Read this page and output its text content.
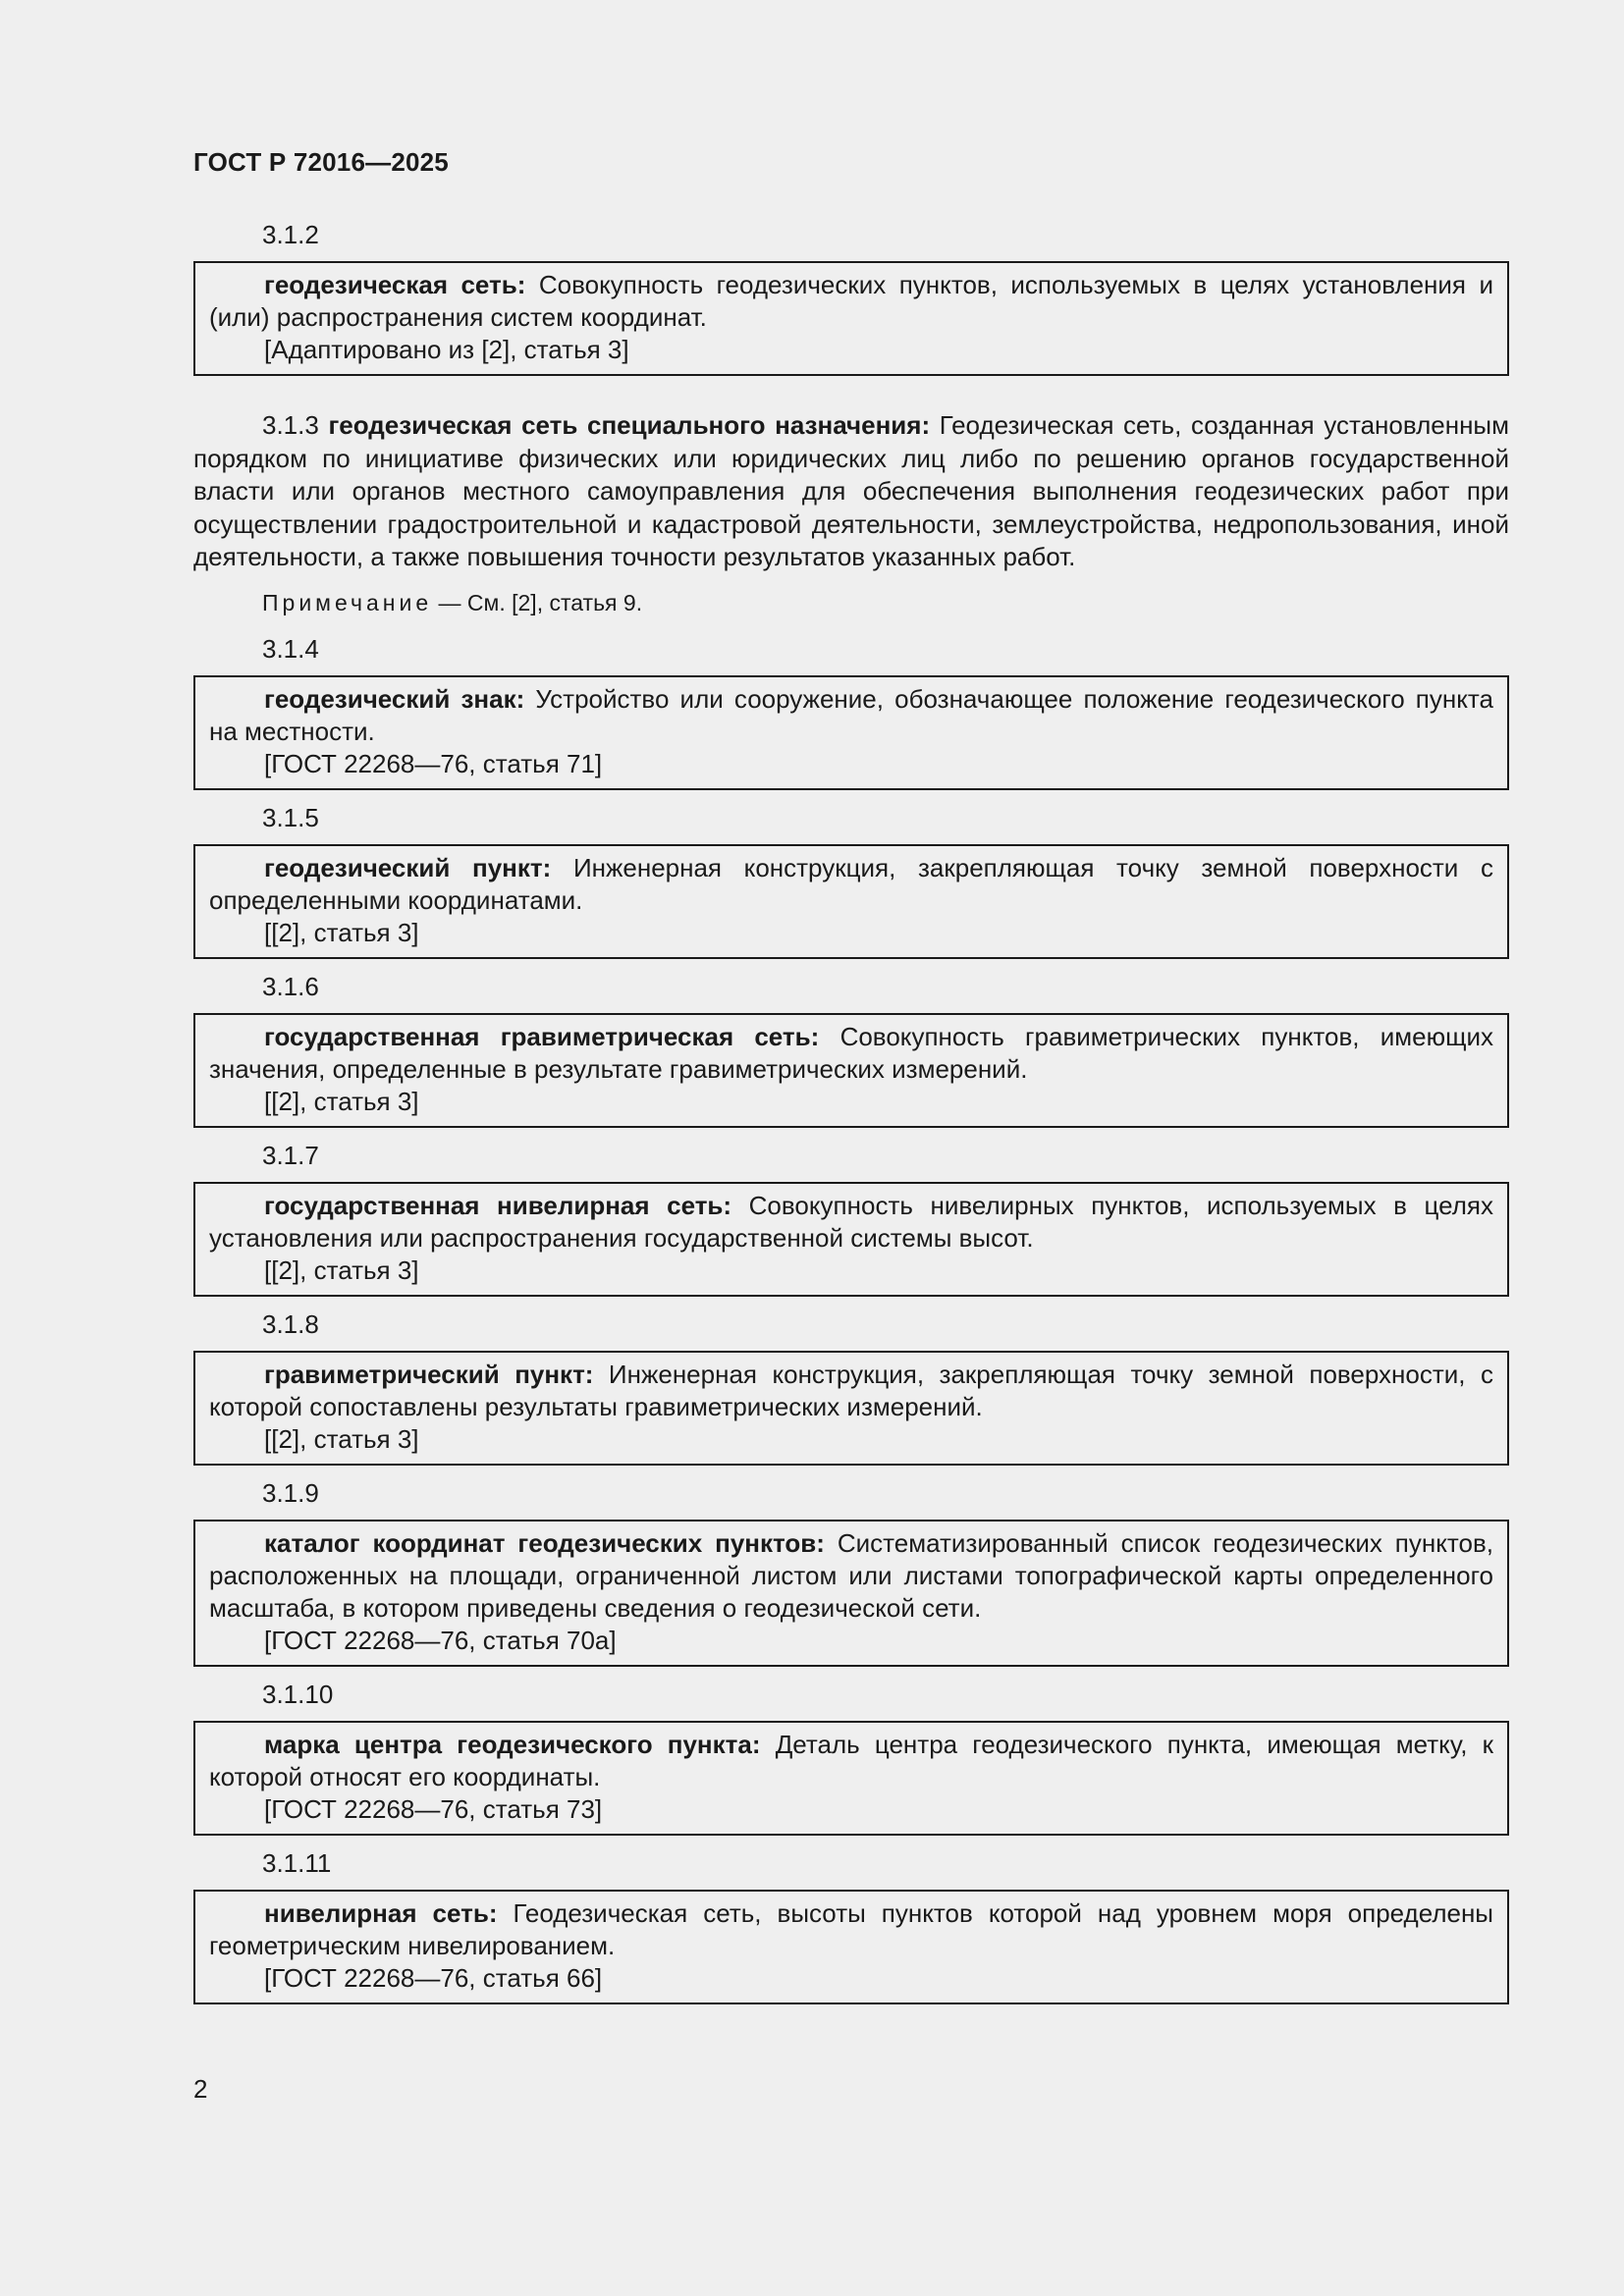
ГОСТ Р 72016—2025
3.1.2

геодезическая сеть: Совокупность геодезических пунктов, используемых в целях установления и (или) распространения систем координат.

[Адаптировано из [2], статья 3]

3.1.3 геодезическая сеть специального назначения: Геодезическая сеть, созданная установленным порядком по инициативе физических или юридических лиц либо по решению органов государственной власти или органов местного самоуправления для обеспечения выполнения геодезических работ при осуществлении градостроительной и кадастровой деятельности, землеустройства, недропользования, иной деятельности, а также повышения точности результатов указанных работ.

Примечание — См. [2], статья 9.
3.1.4

геодезический знак: Устройство или сооружение, обозначающее положение геодезического пункта на местности.

[ГОСТ 22268—76, статья 71]

3.1.5

геодезический пункт: Инженерная конструкция, закрепляющая точку земной поверхности с определенными координатами.

[[2], статья 3]

3.1.6

государственная гравиметрическая сеть: Совокупность гравиметрических пунктов, имеющих значения, определенные в результате гравиметрических измерений.

[[2], статья 3]

3.1.7

государственная нивелирная сеть: Совокупность нивелирных пунктов, используемых в целях установления или распространения государственной системы высот.

[[2], статья 3]

3.1.8

гравиметрический пункт: Инженерная конструкция, закрепляющая точку земной поверхности, с которой сопоставлены результаты гравиметрических измерений.

[[2], статья 3]

3.1.9

каталог координат геодезических пунктов: Систематизированный список геодезических пунктов, расположенных на площади, ограниченной листом или листами топографической карты определенного масштаба, в котором приведены сведения о геодезической сети.

[ГОСТ 22268—76, статья 70а]

3.1.10

марка центра геодезического пункта: Деталь центра геодезического пункта, имеющая метку, к которой относят его координаты.

[ГОСТ 22268—76, статья 73]

3.1.11

нивелирная сеть: Геодезическая сеть, высоты пунктов которой над уровнем моря определены геометрическим нивелированием.

[ГОСТ 22268—76, статья 66]

2
